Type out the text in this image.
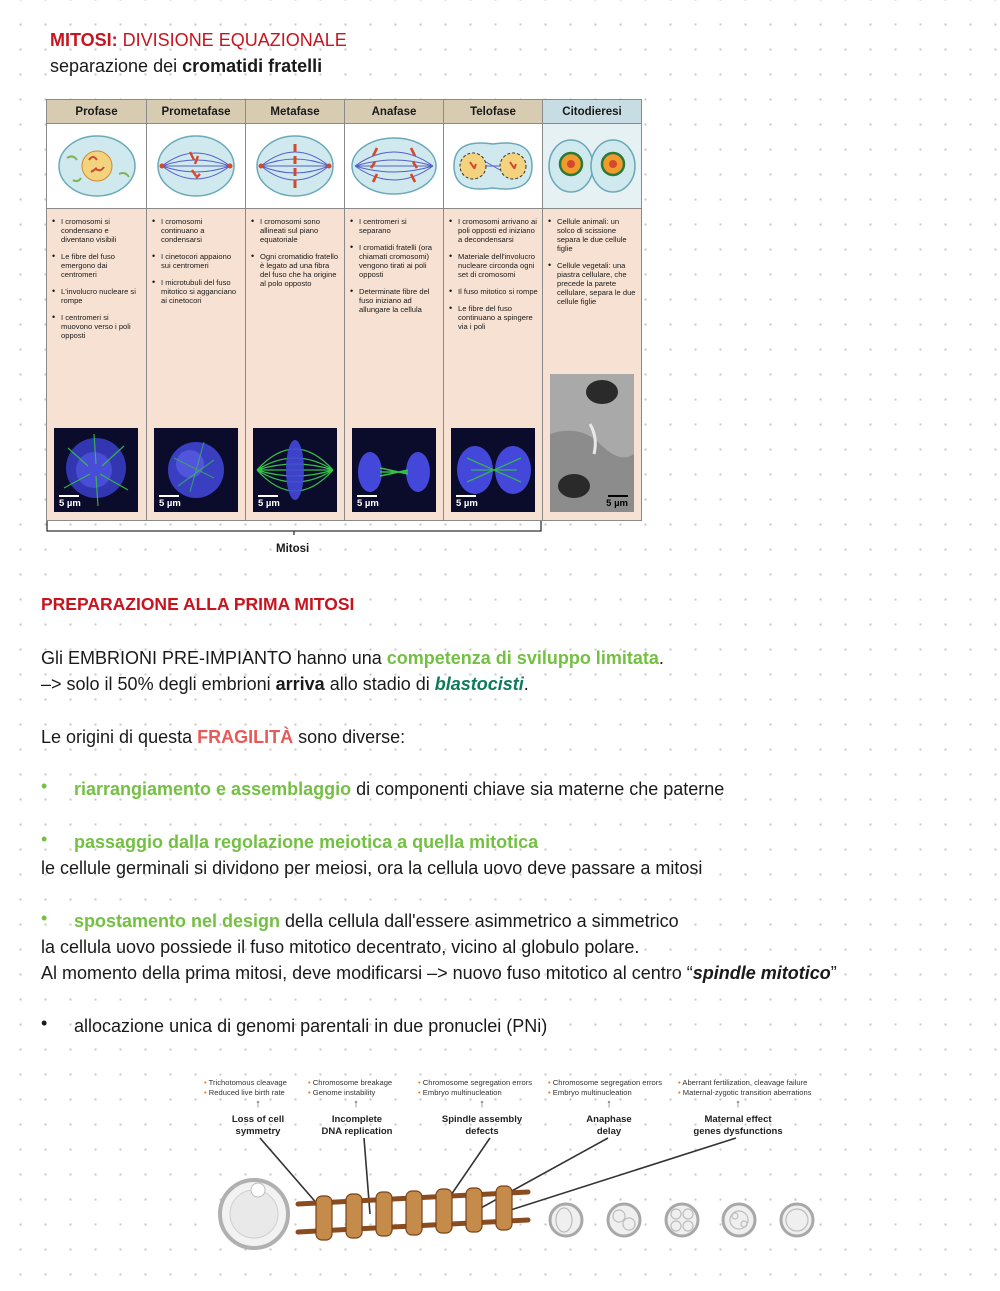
MITOSI: DIVISIONE EQUAZIONALE
separazione dei cromatidi fratelli
Profase
• I cromosomi si condensano e diventano visibili
• Le fibre del fuso emergono dai centromeri
• L'involucro nucleare si rompe
• I centromeri si muovono verso i poli opposti
5 µm
Prometafase
• I cromosomi continuano a condensarsi
• I cinetocori appaiono sui centromeri
• I microtubuli del fuso mitotico si agganciano ai cinetocori
5 µm
Metafase
• I cromosomi sono allineati sul piano equatoriale
• Ogni cromatidio fratello è legato ad una fibra del fuso che ha origine al polo opposto
5 µm
Anafase
• I centromeri si separano
• I cromatidi fratelli (ora chiamati cromosomi) vengono tirati ai poli opposti
• Determinate fibre del fuso iniziano ad allungare la cellula
5 µm
Telofase
• I cromosomi arrivano ai poli opposti ed iniziano a decondensarsi
• Materiale dell'involucro nucleare circonda ogni set di cromosomi
• Il fuso mitotico si rompe
• Le fibre del fuso continuano a spingere via i poli
5 µm
Citodieresi
• Cellule animali: un solco di scissione separa le due cellule figlie
• Cellule vegetali: una piastra cellulare, che precede la parete cellulare, separa le due cellule figlie
5 µm
Mitosi
PREPARAZIONE ALLA PRIMA MITOSI
Gli EMBRIONI PRE-IMPIANTO hanno una competenza di sviluppo limitata.
–> solo il 50% degli embrioni arriva allo stadio di blastocisti.
Le origini di questa FRAGILITÀ sono diverse:
• riarrangiamento e assemblaggio di componenti chiave sia materne che paterne
• passaggio dalla regolazione meiotica a quella mitotica
le cellule germinali si dividono per meiosi, ora la cellula uovo deve passare a mitosi
• spostamento nel design della cellula dall'essere asimmetrico a simmetrico
la cellula uovo possiede il fuso mitotico decentrato, vicino al globulo polare.
Al momento della prima mitosi, deve modificarsi –> nuovo fuso mitotico al centro “spindle mitotico”
• allocazione unica di genomi parentali in due pronuclei (PNi)
• Trichotomous cleavage
• Reduced live birth rate
↑
Loss of cell
symmetry
• Chromosome breakage
• Genome instability
↑
Incomplete
DNA replication
• Chromosome segregation errors
• Embryo multinucleation
↑
Spindle assembly
defects
• Chromosome segregation errors
• Embryo multinucleation
↑
Anaphase
delay
• Aberrant fertilization, cleavage failure
• Maternal-zygotic transition aberrations
↑
Maternal effect
genes dysfunctions
